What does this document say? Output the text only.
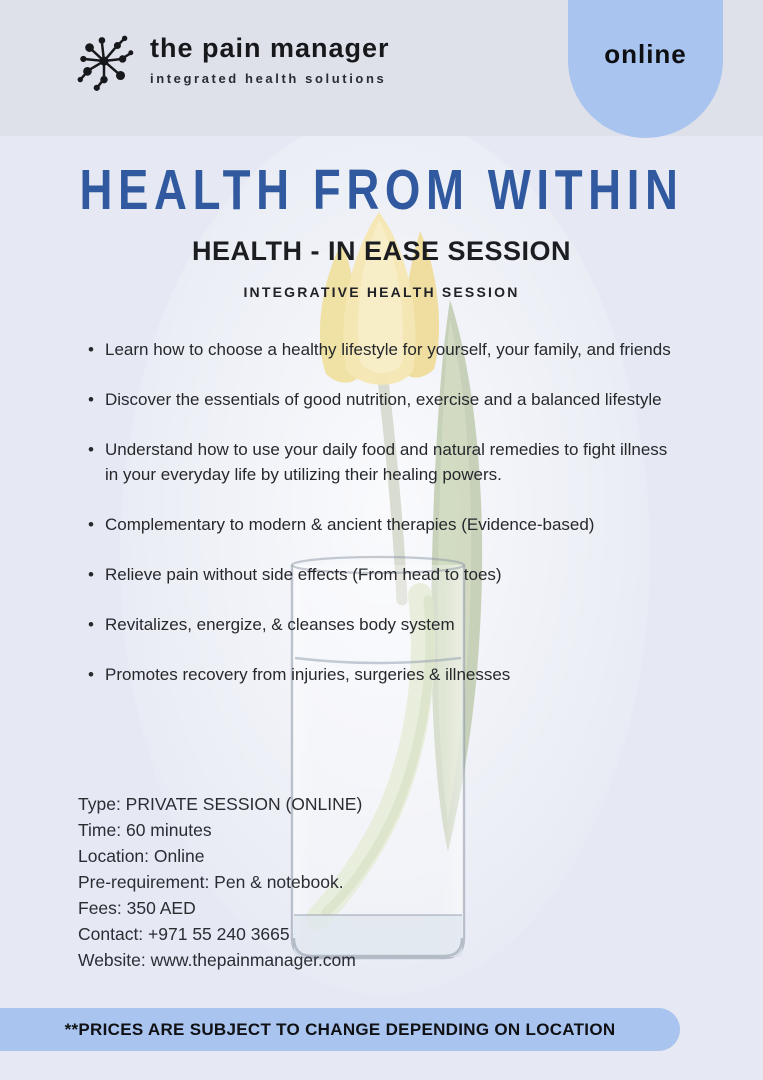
the pain manager
integrated health solutions
online
HEALTH FROM WITHIN
HEALTH - IN EASE SESSION
INTEGRATIVE HEALTH SESSION
• Learn how to choose a healthy lifestyle for yourself, your family, and friends
• Discover the essentials of good nutrition, exercise and a balanced lifestyle
• Understand how to use your daily food and natural remedies to fight illness in your everyday life by utilizing their healing powers.
• Complementary to modern & ancient therapies (Evidence-based)
• Relieve pain without side effects (From head to toes)
• Revitalizes, energize, & cleanses body system
• Promotes recovery from injuries, surgeries & illnesses
Type: PRIVATE SESSION (ONLINE)
Time: 60 minutes
Location: Online
Pre-requirement: Pen & notebook.
Fees: 350 AED
Contact: +971 55 240 3665
Website: www.thepainmanager.com
**PRICES ARE SUBJECT TO CHANGE DEPENDING ON LOCATION
